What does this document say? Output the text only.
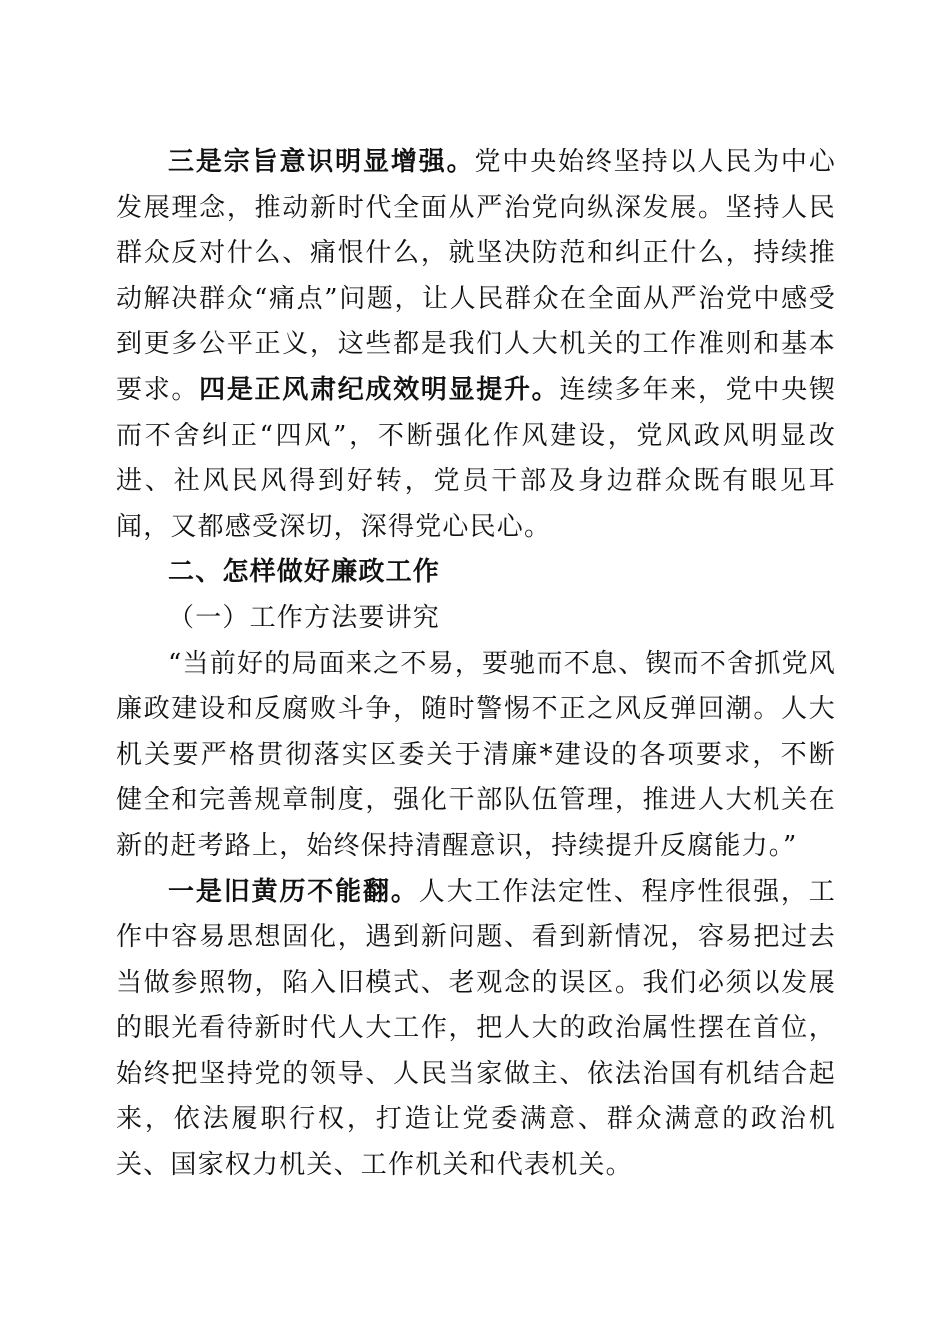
三是宗旨意识明显增强。党中央始终坚持以人民为中心发展理念，推动新时代全面从严治党向纵深发展。坚持人民群众反对什么、痛恨什么，就坚决防范和纠正什么，持续推动解决群众“痛点”问题，让人民群众在全面从严治党中感受到更多公平正义，这些都是我们人大机关的工作准则和基本要求。四是正风肃纪成效明显提升。连续多年来，党中央锲而不舍纠正“四风”，不断强化作风建设，党风政风明显改进、社风民风得到好转，党员干部及身边群众既有眼见耳闻，又都感受深切，深得党心民心。

二、怎样做好廉政工作

（一）工作方法要讲究

“当前好的局面来之不易，要驰而不息、锲而不舍抓党风廉政建设和反腐败斗争，随时警惕不正之风反弹回潮。人大机关要严格贯彻落实区委关于清廉*建设的各项要求，不断健全和完善规章制度，强化干部队伍管理，推进人大机关在新的赶考路上，始终保持清醒意识，持续提升反腐能力。”

一是旧黄历不能翻。人大工作法定性、程序性很强，工作中容易思想固化，遇到新问题、看到新情况，容易把过去当做参照物，陷入旧模式、老观念的误区。我们必须以发展的眼光看待新时代人大工作，把人大的政治属性摆在首位，始终把坚持党的领导、人民当家做主、依法治国有机结合起来，依法履职行权，打造让党委满意、群众满意的政治机关、国家权力机关、工作机关和代表机关。
